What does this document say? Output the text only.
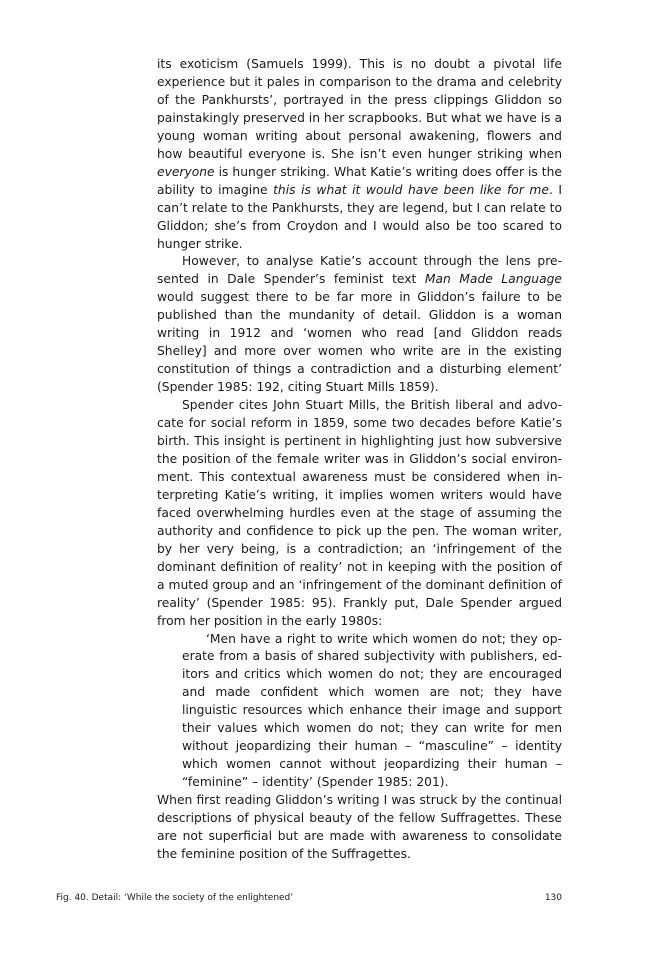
its exoticism (Samuels 1999). This is no doubt a pivotal life experience but it pales in comparison to the drama and celebrity of the Pankhursts’, portrayed in the press clippings Gliddon so painstakingly preserved in her scrapbooks. But what we have is a young woman writing about personal awakening, flowers and how beautiful everyone is. She isn’t even hunger striking when everyone is hunger striking. What Katie’s writing does offer is the ability to imagine this is what it would have been like for me. I can’t relate to the Pankhursts, they are legend, but I can relate to Gliddon; she’s from Croydon and I would also be too scared to hunger strike.

However, to analyse Katie’s account through the lens presented in Dale Spender’s feminist text Man Made Language would suggest there to be far more in Gliddon’s failure to be published than the mundanity of detail. Gliddon is a woman writing in 1912 and ‘women who read [and Gliddon reads Shelley] and more over women who write are in the existing constitution of things a contradiction and a disturbing element’ (Spender 1985: 192, citing Stuart Mills 1859).

Spender cites John Stuart Mills, the British liberal and advocate for social reform in 1859, some two decades before Katie’s birth. This insight is pertinent in highlighting just how subversive the position of the female writer was in Gliddon’s social environment. This contextual awareness must be considered when interpreting Katie’s writing, it implies women writers would have faced overwhelming hurdles even at the stage of assuming the authority and confidence to pick up the pen. The woman writer, by her very being, is a contradiction; an ‘infringement of the dominant definition of reality’ not in keeping with the position of a muted group and an ‘infringement of the dominant definition of reality’ (Spender 1985: 95). Frankly put, Dale Spender argued from her position in the early 1980s:

‘Men have a right to write which women do not; they operate from a basis of shared subjectivity with publishers, editors and critics which women do not; they are encouraged and made confident which women are not; they have linguistic resources which enhance their image and support their values which women do not; they can write for men without jeopardizing their human – “masculine” – identity which women cannot without jeopardizing their human – “feminine” – identity’ (Spender 1985: 201).

When first reading Gliddon’s writing I was struck by the continual descriptions of physical beauty of the fellow Suffragettes. These are not superficial but are made with awareness to consolidate the feminine position of the Suffragettes.

Fig. 40. Detail: ‘While the society of the enlightened’	130
